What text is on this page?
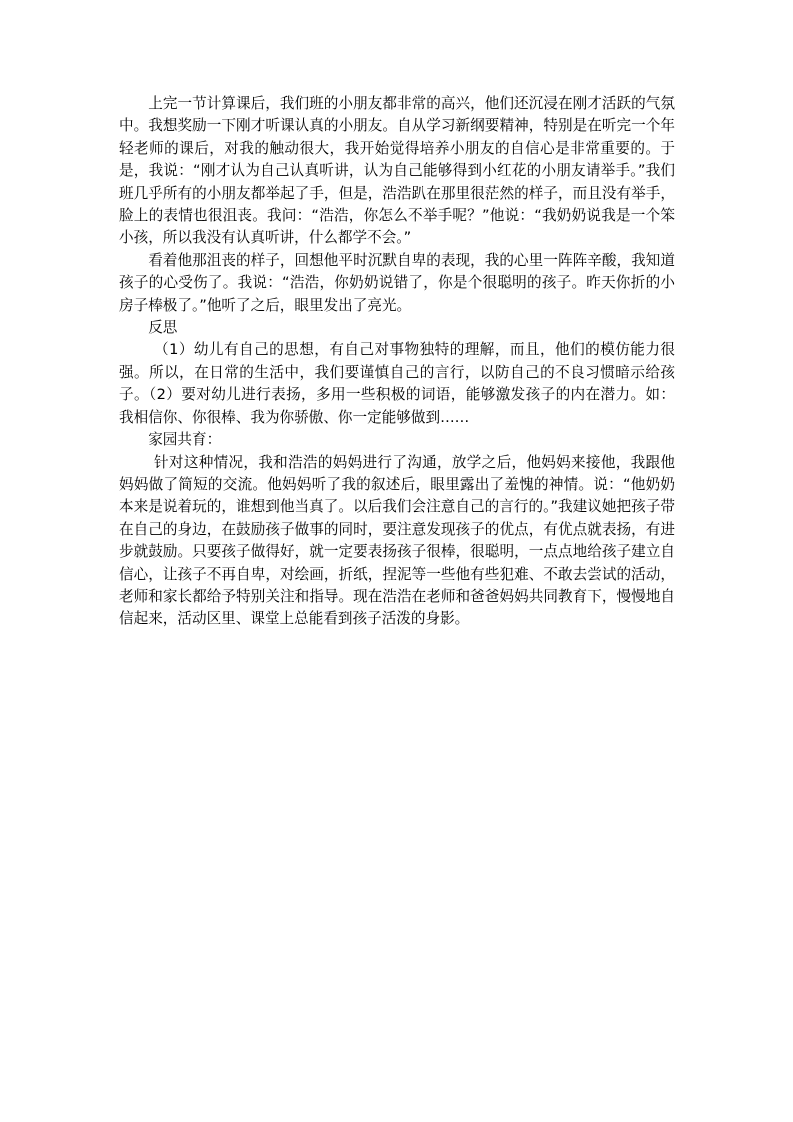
上完一节计算课后，我们班的小朋友都非常的高兴，他们还沉浸在刚才活跃的气氛中。我想奖励一下刚才听课认真的小朋友。自从学习新纲要精神，特别是在听完一个年轻老师的课后，对我的触动很大，我开始觉得培养小朋友的自信心是非常重要的。于是，我说：“刚才认为自己认真听讲，认为自己能够得到小红花的小朋友请举手。”我们班几乎所有的小朋友都举起了手，但是，浩浩趴在那里很茫然的样子，而且没有举手，脸上的表情也很沮丧。我问：“浩浩，你怎么不举手呢？”他说：“我奶奶说我是一个笨小孩，所以我没有认真听讲，什么都学不会。”

看着他那沮丧的样子，回想他平时沉默自卑的表现，我的心里一阵阵辛酸，我知道孩子的心受伤了。我说：“浩浩，你奶奶说错了，你是个很聪明的孩子。昨天你折的小房子棒极了。”他听了之后，眼里发出了亮光。

反思

（1）幼儿有自己的思想，有自己对事物独特的理解，而且，他们的模仿能力很强。所以，在日常的生活中，我们要谨慎自己的言行，以防自己的不良习惯暗示给孩子。（2）要对幼儿进行表扬，多用一些积极的词语，能够激发孩子的内在潜力。如：我相信你、你很棒、我为你骄傲、你一定能够做到……

家园共育：

针对这种情况，我和浩浩的妈妈进行了沟通，放学之后，他妈妈来接他，我跟他妈妈做了简短的交流。他妈妈听了我的叙述后，眼里露出了羞愧的神情。说：“他奶奶本来是说着玩的，谁想到他当真了。以后我们会注意自己的言行的。”我建议她把孩子带在自己的身边，在鼓励孩子做事的同时，要注意发现孩子的优点，有优点就表扬，有进步就鼓励。只要孩子做得好，就一定要表扬孩子很棒，很聪明，一点点地给孩子建立自信心，让孩子不再自卑，对绘画，折纸，捏泥等一些他有些犯难、不敢去尝试的活动，老师和家长都给予特别关注和指导。现在浩浩在老师和爸爸妈妈共同教育下，慢慢地自信起来，活动区里、课堂上总能看到孩子活泼的身影。
